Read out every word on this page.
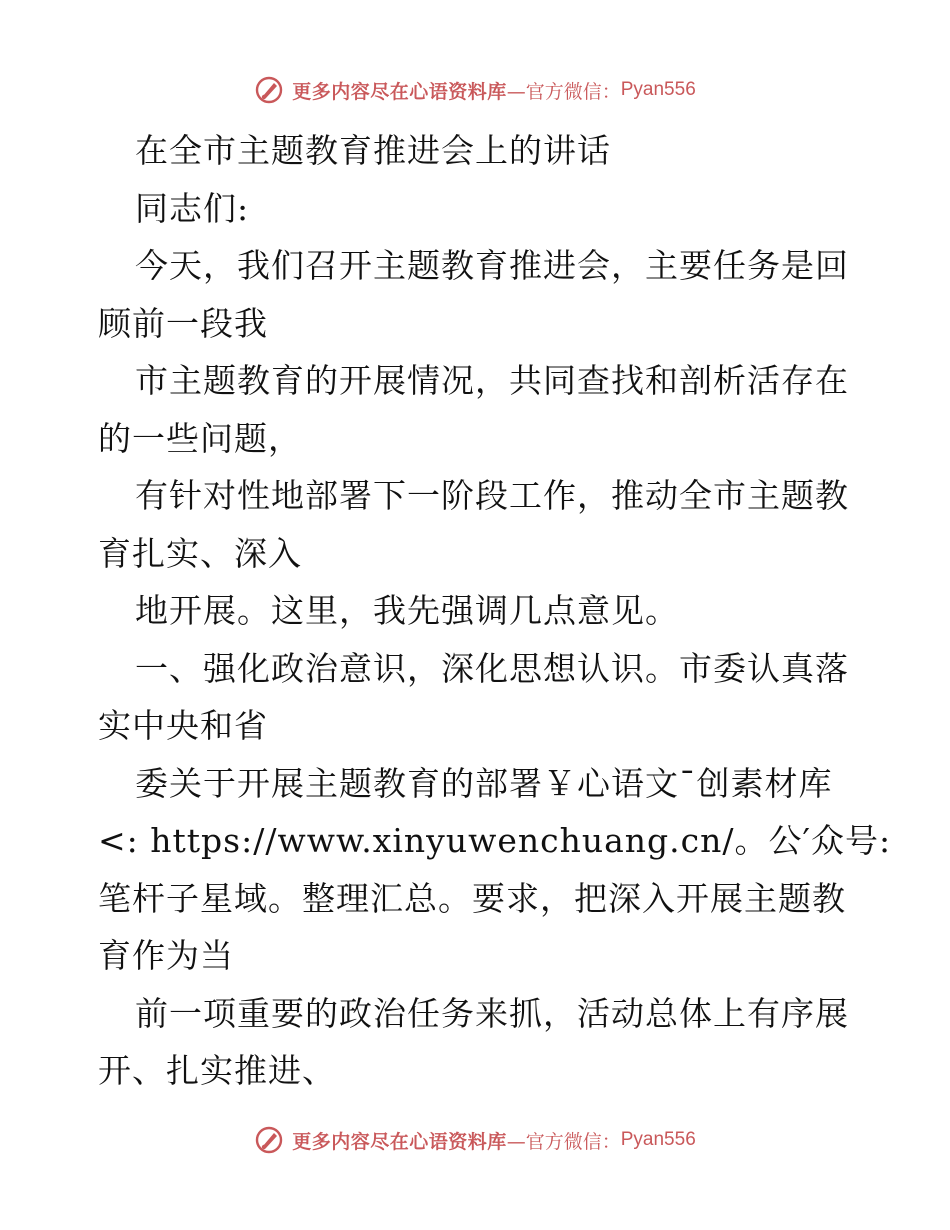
更多内容尽在心语资料库 —官方微信： Pyan556
在全市主题教育推进会上的讲话
同志们:
今天，我们召开主题教育推进会，主要任务是回
顾前一段我
市主题教育的开展情况，共同查找和剖析活存在
的一些问题，
有针对性地部署下一阶段工作，推动全市主题教
育扎实、深入
地开展。这里，我先强调几点意见。
一、强化政治意识，深化思想认识。市委认真落
实中央和省
委关于开展主题教育的部署￥心语文¯创素材库
<: https://www.xinyuwenchuang.cn/。公′众号:
笔杆子星域。整理汇总。要求，把深入开展主题教
育作为当
前一项重要的政治任务来抓，活动总体上有序展
开、扎实推进、
更多内容尽在心语资料库 —官方微信： Pyan556
